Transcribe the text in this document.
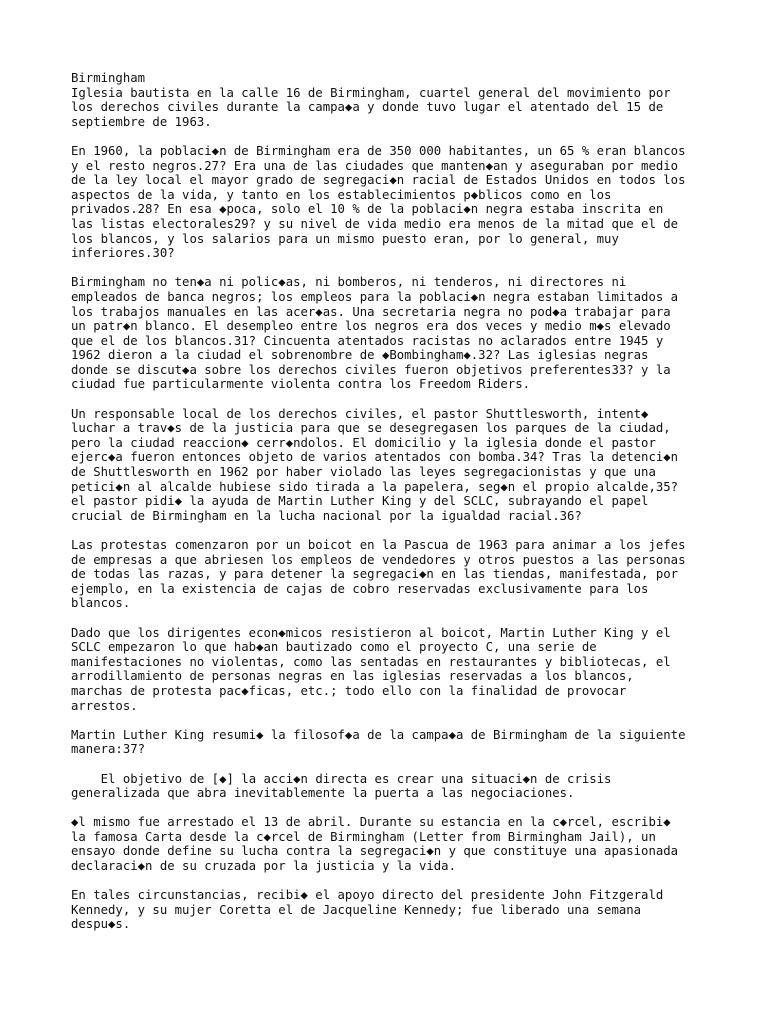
Birmingham

Iglesia bautista en la calle 16 de Birmingham, cuartel general del movimiento por
los derechos civiles durante la campa◆a y donde tuvo lugar el atentado del 15 de
septiembre de 1963.

En 1960, la poblaci◆n de Birmingham era de 350 000 habitantes, un 65 % eran blancos
y el resto negros.27? Era una de las ciudades que manten◆an y aseguraban por medio
de la ley local el mayor grado de segregaci◆n racial de Estados Unidos en todos los
aspectos de la vida, y tanto en los establecimientos p◆blicos como en los
privados.28? En esa ◆poca, solo el 10 % de la poblaci◆n negra estaba inscrita en
las listas electorales29? y su nivel de vida medio era menos de la mitad que el de
los blancos, y los salarios para un mismo puesto eran, por lo general, muy
inferiores.30?

Birmingham no ten◆a ni polic◆as, ni bomberos, ni tenderos, ni directores ni
empleados de banca negros; los empleos para la poblaci◆n negra estaban limitados a
los trabajos manuales en las acer◆as. Una secretaria negra no pod◆a trabajar para
un patr◆n blanco. El desempleo entre los negros era dos veces y medio m◆s elevado
que el de los blancos.31? Cincuenta atentados racistas no aclarados entre 1945 y
1962 dieron a la ciudad el sobrenombre de ◆Bombingham◆.32? Las iglesias negras
donde se discut◆a sobre los derechos civiles fueron objetivos preferentes33? y la
ciudad fue particularmente violenta contra los Freedom Riders.

Un responsable local de los derechos civiles, el pastor Shuttlesworth, intent◆
luchar a trav◆s de la justicia para que se desegregasen los parques de la ciudad,
pero la ciudad reaccion◆ cerr◆ndolos. El domicilio y la iglesia donde el pastor
ejerc◆a fueron entonces objeto de varios atentados con bomba.34? Tras la detenci◆n
de Shuttlesworth en 1962 por haber violado las leyes segregacionistas y que una
petici◆n al alcalde hubiese sido tirada a la papelera, seg◆n el propio alcalde,35?
el pastor pidi◆ la ayuda de Martin Luther King y del SCLC, subrayando el papel
crucial de Birmingham en la lucha nacional por la igualdad racial.36?

Las protestas comenzaron por un boicot en la Pascua de 1963 para animar a los jefes
de empresas a que abriesen los empleos de vendedores y otros puestos a las personas
de todas las razas, y para detener la segregaci◆n en las tiendas, manifestada, por
ejemplo, en la existencia de cajas de cobro reservadas exclusivamente para los
blancos.

Dado que los dirigentes econ◆micos resistieron al boicot, Martin Luther King y el
SCLC empezaron lo que hab◆an bautizado como el proyecto C, una serie de
manifestaciones no violentas, como las sentadas en restaurantes y bibliotecas, el
arrodillamiento de personas negras en las iglesias reservadas a los blancos,
marchas de protesta pac◆ficas, etc.; todo ello con la finalidad de provocar
arrestos.

Martin Luther King resumi◆ la filosof◆a de la campa◆a de Birmingham de la siguiente
manera:37?

El objetivo de [◆] la acci◆n directa es crear una situaci◆n de crisis
generalizada que abra inevitablemente la puerta a las negociaciones.

◆l mismo fue arrestado el 13 de abril. Durante su estancia en la c◆rcel, escribi◆
la famosa Carta desde la c◆rcel de Birmingham (Letter from Birmingham Jail), un
ensayo donde define su lucha contra la segregaci◆n y que constituye una apasionada
declaraci◆n de su cruzada por la justicia y la vida.

En tales circunstancias, recibi◆ el apoyo directo del presidente John Fitzgerald
Kennedy, y su mujer Coretta el de Jacqueline Kennedy; fue liberado una semana
despu◆s.
